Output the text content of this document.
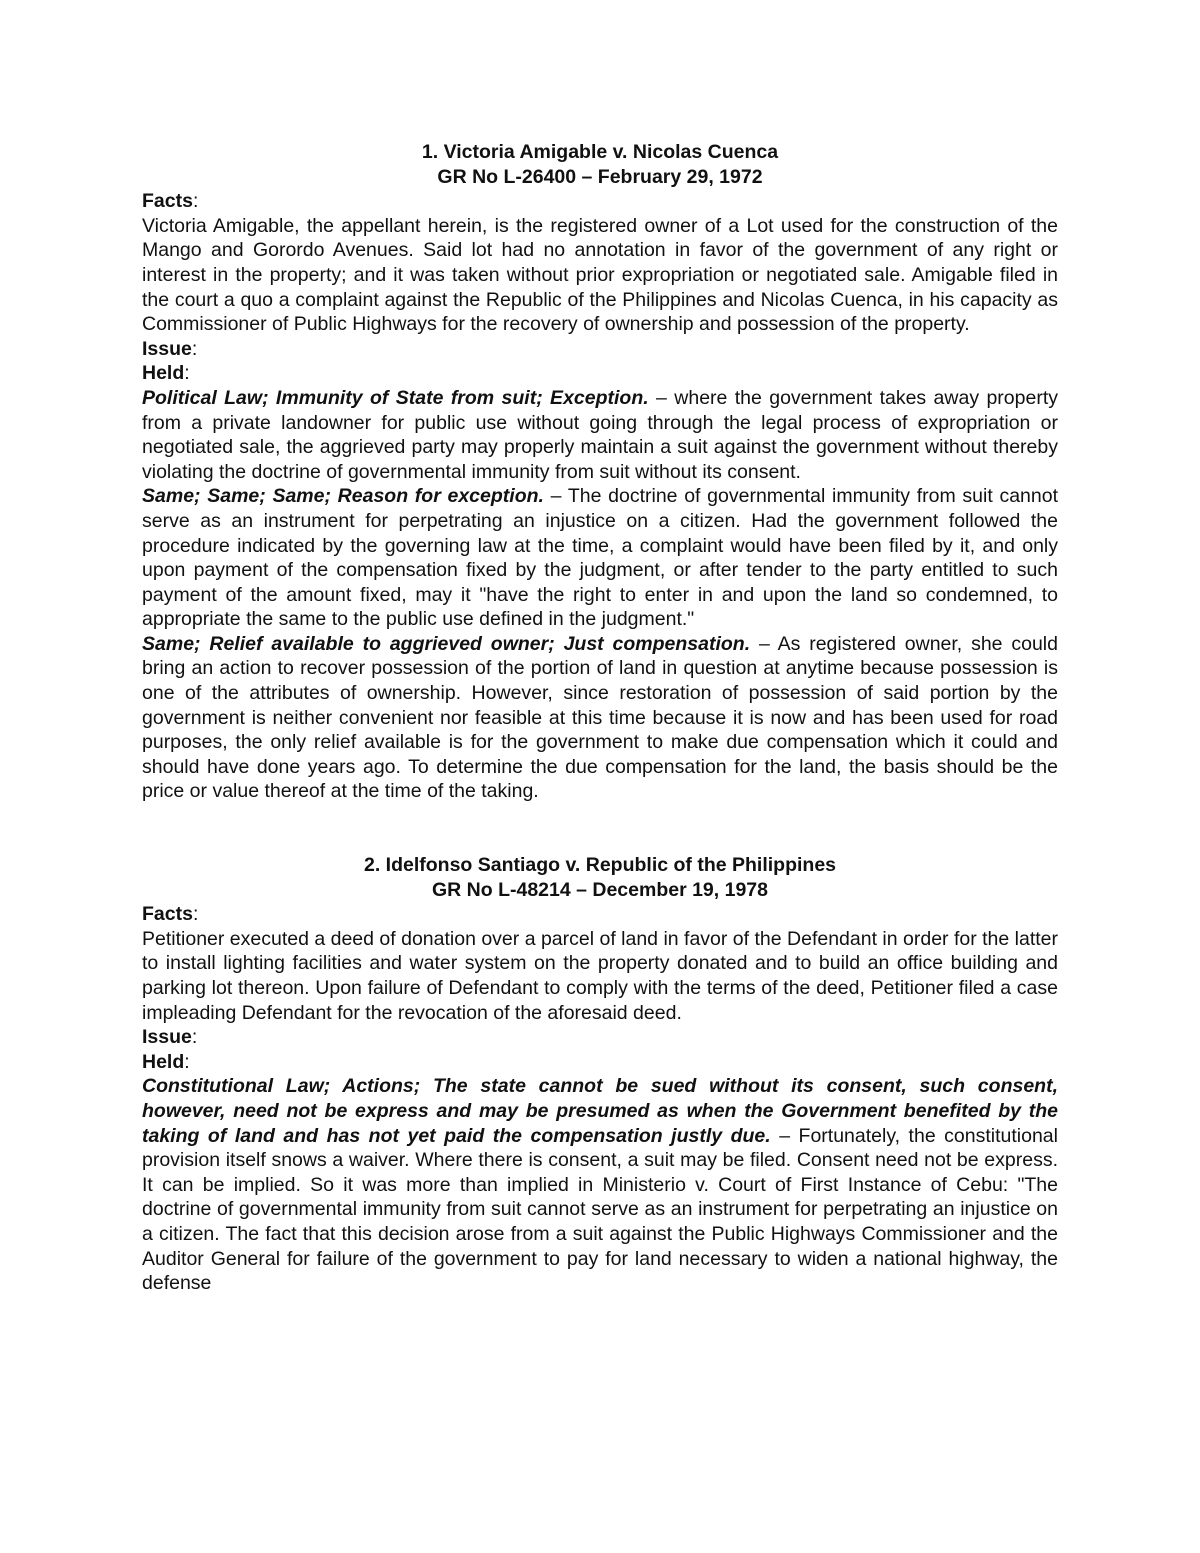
1. Victoria Amigable v. Nicolas Cuenca

GR No L-26400 – February 29, 1972

Facts:

Victoria Amigable, the appellant herein, is the registered owner of a Lot used for the construction of the Mango and Gorordo Avenues. Said lot had no annotation in favor of the government of any right or interest in the property; and it was taken without prior expropriation or negotiated sale. Amigable filed in the court a quo a complaint against the Republic of the Philippines and Nicolas Cuenca, in his capacity as Commissioner of Public Highways for the recovery of ownership and possession of the property.

Issue:

Held:

Political Law; Immunity of State from suit; Exception. – where the government takes away property from a private landowner for public use without going through the legal process of expropriation or negotiated sale, the aggrieved party may properly maintain a suit against the government without thereby violating the doctrine of governmental immunity from suit without its consent.

Same; Same; Same; Reason for exception. – The doctrine of governmental immunity from suit cannot serve as an instrument for perpetrating an injustice on a citizen. Had the government followed the procedure indicated by the governing law at the time, a complaint would have been filed by it, and only upon payment of the compensation fixed by the judgment, or after tender to the party entitled to such payment of the amount fixed, may it "have the right to enter in and upon the land so condemned, to appropriate the same to the public use defined in the judgment."

Same; Relief available to aggrieved owner; Just compensation. – As registered owner, she could bring an action to recover possession of the portion of land in question at anytime because possession is one of the attributes of ownership. However, since restoration of possession of said portion by the government is neither convenient nor feasible at this time because it is now and has been used for road purposes, the only relief available is for the government to make due compensation which it could and should have done years ago. To determine the due compensation for the land, the basis should be the price or value thereof at the time of the taking.

2. Idelfonso Santiago v. Republic of the Philippines

GR No L-48214 – December 19, 1978

Facts:

Petitioner executed a deed of donation over a parcel of land in favor of the Defendant in order for the latter to install lighting facilities and water system on the property donated and to build an office building and parking lot thereon. Upon failure of Defendant to comply with the terms of the deed, Petitioner filed a case impleading Defendant for the revocation of the aforesaid deed.

Issue:

Held:

Constitutional Law; Actions; The state cannot be sued without its consent, such consent, however, need not be express and may be presumed as when the Government benefited by the taking of land and has not yet paid the compensation justly due. – Fortunately, the constitutional provision itself snows a waiver. Where there is consent, a suit may be filed. Consent need not be express. It can be implied. So it was more than implied in Ministerio v. Court of First Instance of Cebu: "The doctrine of governmental immunity from suit cannot serve as an instrument for perpetrating an injustice on a citizen. The fact that this decision arose from a suit against the Public Highways Commissioner and the Auditor General for failure of the government to pay for land necessary to widen a national highway, the defense
